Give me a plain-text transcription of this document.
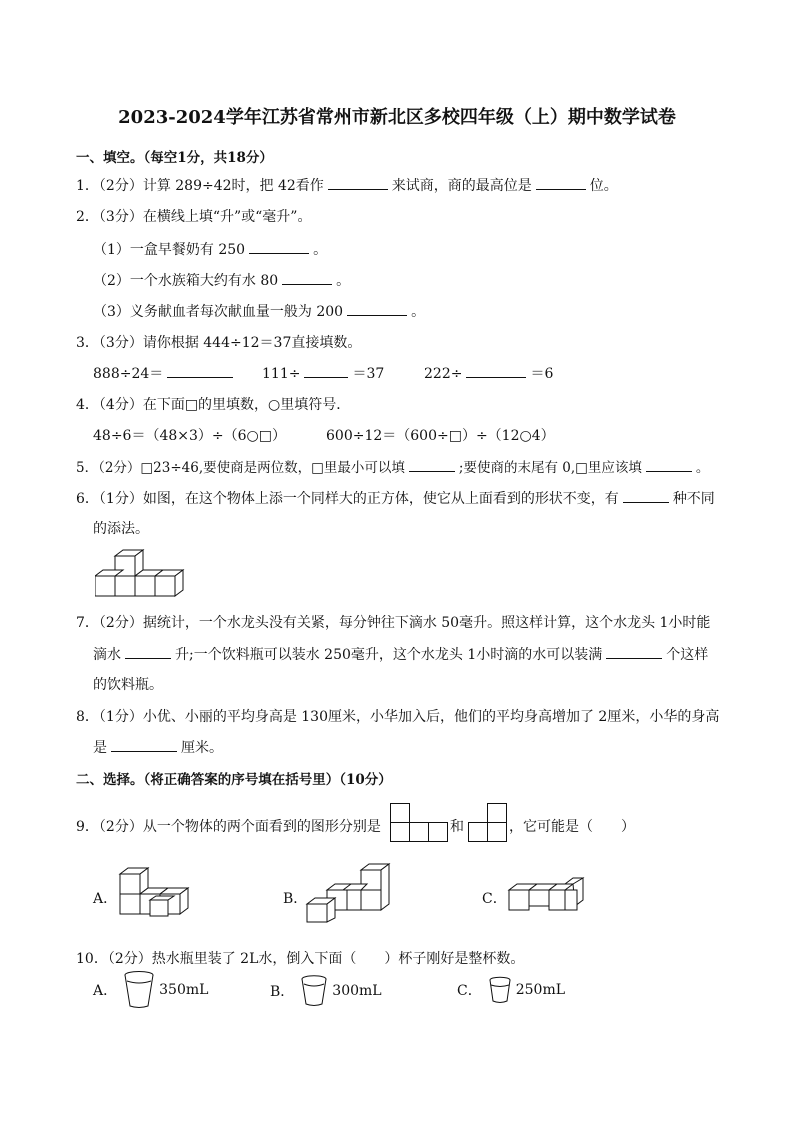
2023-2024学年江苏省常州市新北区多校四年级（上）期中数学试卷
一、填空。（每空1分，共18分）
1．（2分）计算 289÷42时，把 42看作	来试商，商的最高位是	位。
2．（3分）在横线上填“升”或“毫升”。
（1）一盒早餐奶有 250	。
（2）一个水族箱大约有水 80	。
（3）义务献血者每次献血量一般为 200	。
3．（3分）请你根据 444÷12＝37直接填数。
888÷24＝	111÷	＝37	222÷	＝6
4．（4分）在下面□的里填数，○里填符号．
48÷6＝（48×3）÷（6○□）	600÷12＝（600÷□）÷（12○4）
5．（2分）□23÷46,要使商是两位数，□里最小可以填	;要使商的末尾有 0,□里应该填	。
6．（1分）如图，在这个物体上添一个同样大的正方体，使它从上面看到的形状不变，有	种不同
的添法。
7．（2分）据统计，一个水龙头没有关紧，每分钟往下滴水 50毫升。照这样计算，这个水龙头 1小时能
滴水	升;一个饮料瓶可以装水 250毫升，这个水龙头 1小时滴的水可以装满	个这样
的饮料瓶。
8．（1分）小优、小丽的平均身高是 130厘米，小华加入后，他们的平均身高增加了 2厘米，小华的身高
是	厘米。
二、选择。（将正确答案的序号填在括号里）（10分）
9．（2分）从一个物体的两个面看到的图形分别是	和	，它可能是（　　）
A．	B．	C．
10．（2分）热水瓶里装了 2L水，倒入下面（　　）杯子刚好是整杯数。
A．	350mL	B．	300mL	C． 250mL
